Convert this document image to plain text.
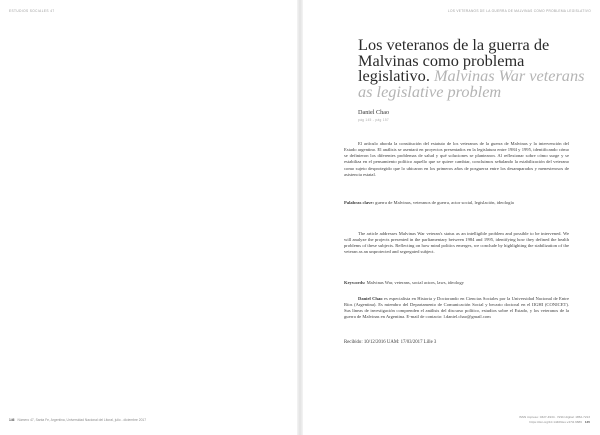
ESTUDIOS SOCIALES 47
146 Número 47, Santa Fe, Argentina, Universidad Nacional del Litoral, julio - diciembre 2017
LOS VETERANOS DE LA GUERRA DE MALVINAS COMO PROBLEMA LEGISLATIVO
Los veteranos de la guerra de Malvinas como problema legislativo. Malvinas War veterans as legislative problem
Daniel Chao
pág 145 - pág 157

El artículo aborda la constitución del estatuto de los veteranos de la guerra de Malvinas y la intervención del Estado argentino. El análisis se asentará en proyectos presentados en la legislatura entre 1984 y 1995, identificando cómo se definieron los diferentes problemas de salud y qué soluciones se plantearon. Al reflexionar sobre cómo surge y se estabiliza en el pensamiento político aquello que se quiere cambiar, concluimos señalando la estabilización del veterano como sujeto desprotegido que lo ubicaron en los primeros años de posguerra entre los desamparados y menesterosos de asistencia estatal.

Palabras clave: guerra de Malvinas, veteranos de guerra, actor social, legislación, ideología

The article addresses Malvinas War veteran's status as an intelligible problem and possible to be intervened. We will analyze the projects presented in the parliamentary between 1984 and 1995, identifying how they defined the health problems of these subjects. Reflecting on how mind politics emerges, we conclude by highlighting the stabilization of the veteran as an unprotected and segregated subject.

Keywords: Malvinas War, veterans, social actors, laws, ideology

Daniel Chao es especialista en Historia y Doctorando en Ciencias Sociales por la Universidad Nacional de Entre Ríos (Argentina). Es miembro del Departamento de Comunicación Social y becario doctoral en el IIGHI (CONICET). Sus líneas de investigación comprenden el análisis del discurso político, estudios sobre el Estado, y los veteranos de la guerra de Malvinas en Argentina. E-mail de contacto: l.daniel.chao@gmail.com

Recibido: 10/12/2016 UAM: 17/03/2017 Lille 3

ISSN impreso: 0327-4934 · ISSN digital: 1852-7213
https://doi.org/10.14409/es.v47i2.6886 145
